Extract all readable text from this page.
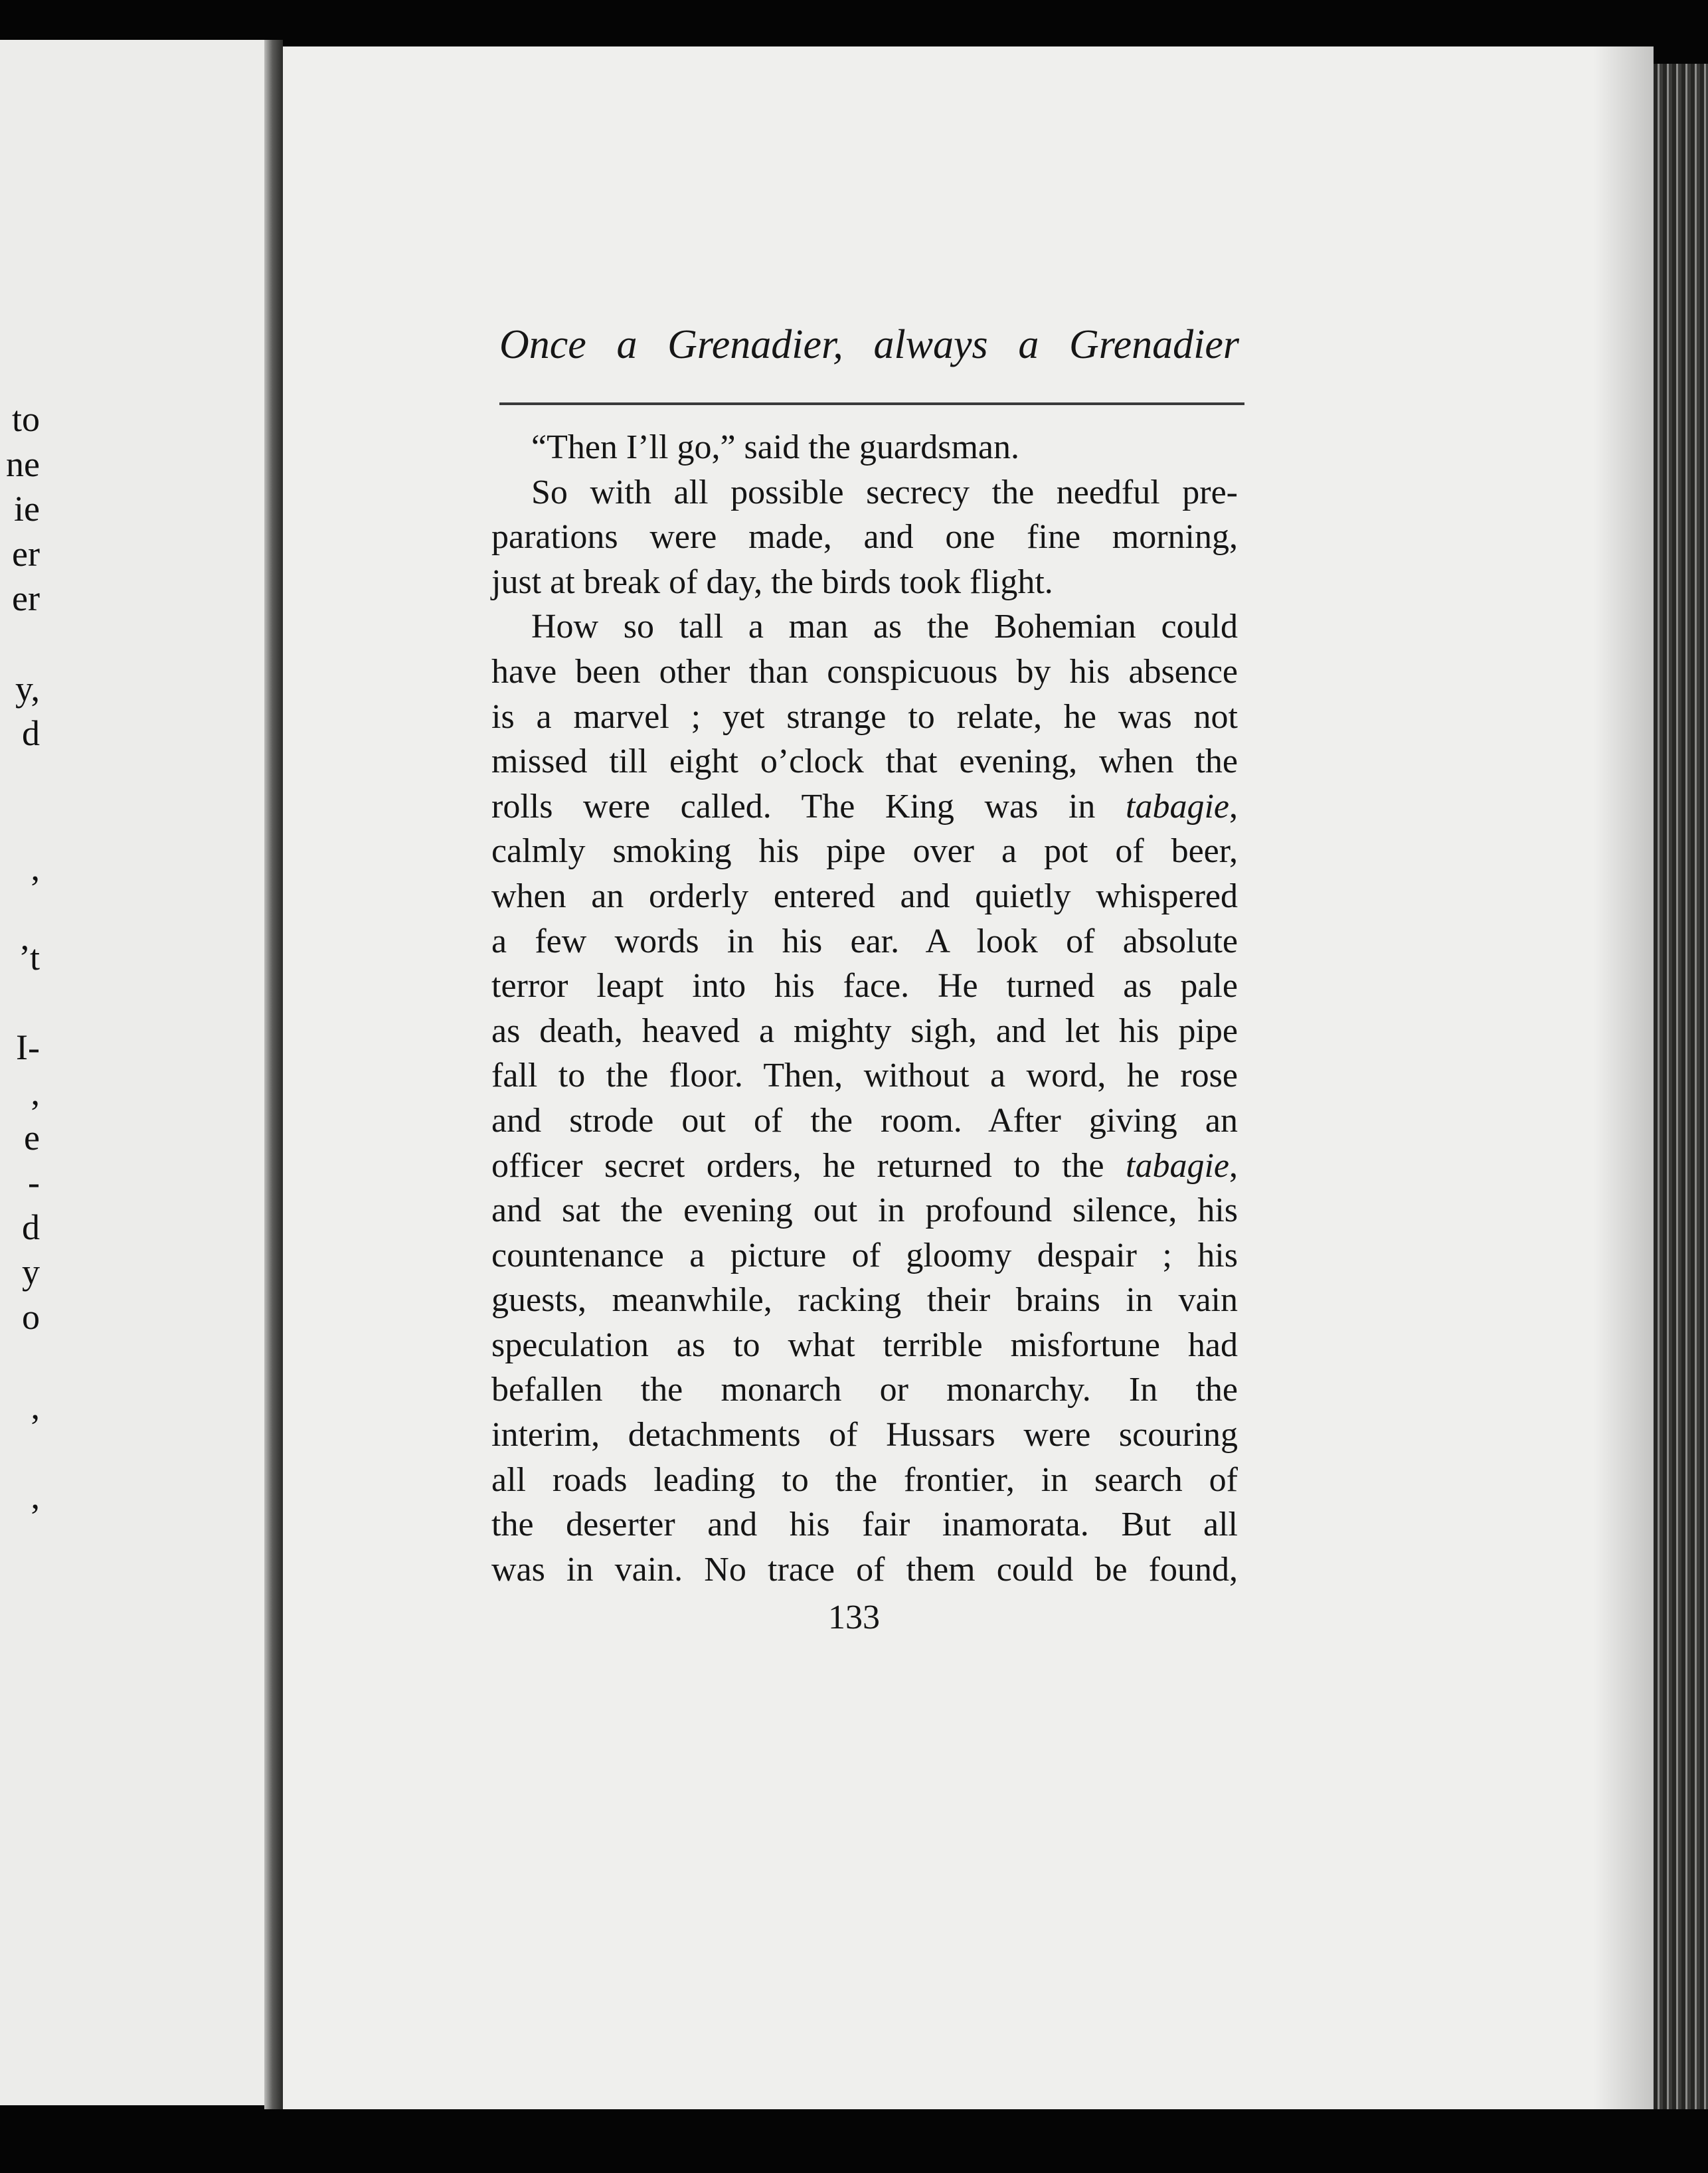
to
ne
ie
er
er
y,
d
,
’t
I-
,
e
-
d
y
o
,
,
Once a Grenadier, always a Grenadier
“Then I’ll go,” said the guardsman.
So with all possible secrecy the needful pre-
parations were made, and one fine morning,
just at break of day, the birds took flight.
How so tall a man as the Bohemian could
have been other than conspicuous by his absence
is a marvel ; yet strange to relate, he was not
missed till eight o’clock that evening, when the
rolls were called. The King was in tabagie,
calmly smoking his pipe over a pot of beer,
when an orderly entered and quietly whispered
a few words in his ear. A look of absolute
terror leapt into his face. He turned as pale
as death, heaved a mighty sigh, and let his pipe
fall to the floor. Then, without a word, he rose
and strode out of the room. After giving an
officer secret orders, he returned to the tabagie,
and sat the evening out in profound silence, his
countenance a picture of gloomy despair ; his
guests, meanwhile, racking their brains in vain
speculation as to what terrible misfortune had
befallen the monarch or monarchy. In the
interim, detachments of Hussars were scouring
all roads leading to the frontier, in search of
the deserter and his fair inamorata. But all
was in vain. No trace of them could be found,
133
